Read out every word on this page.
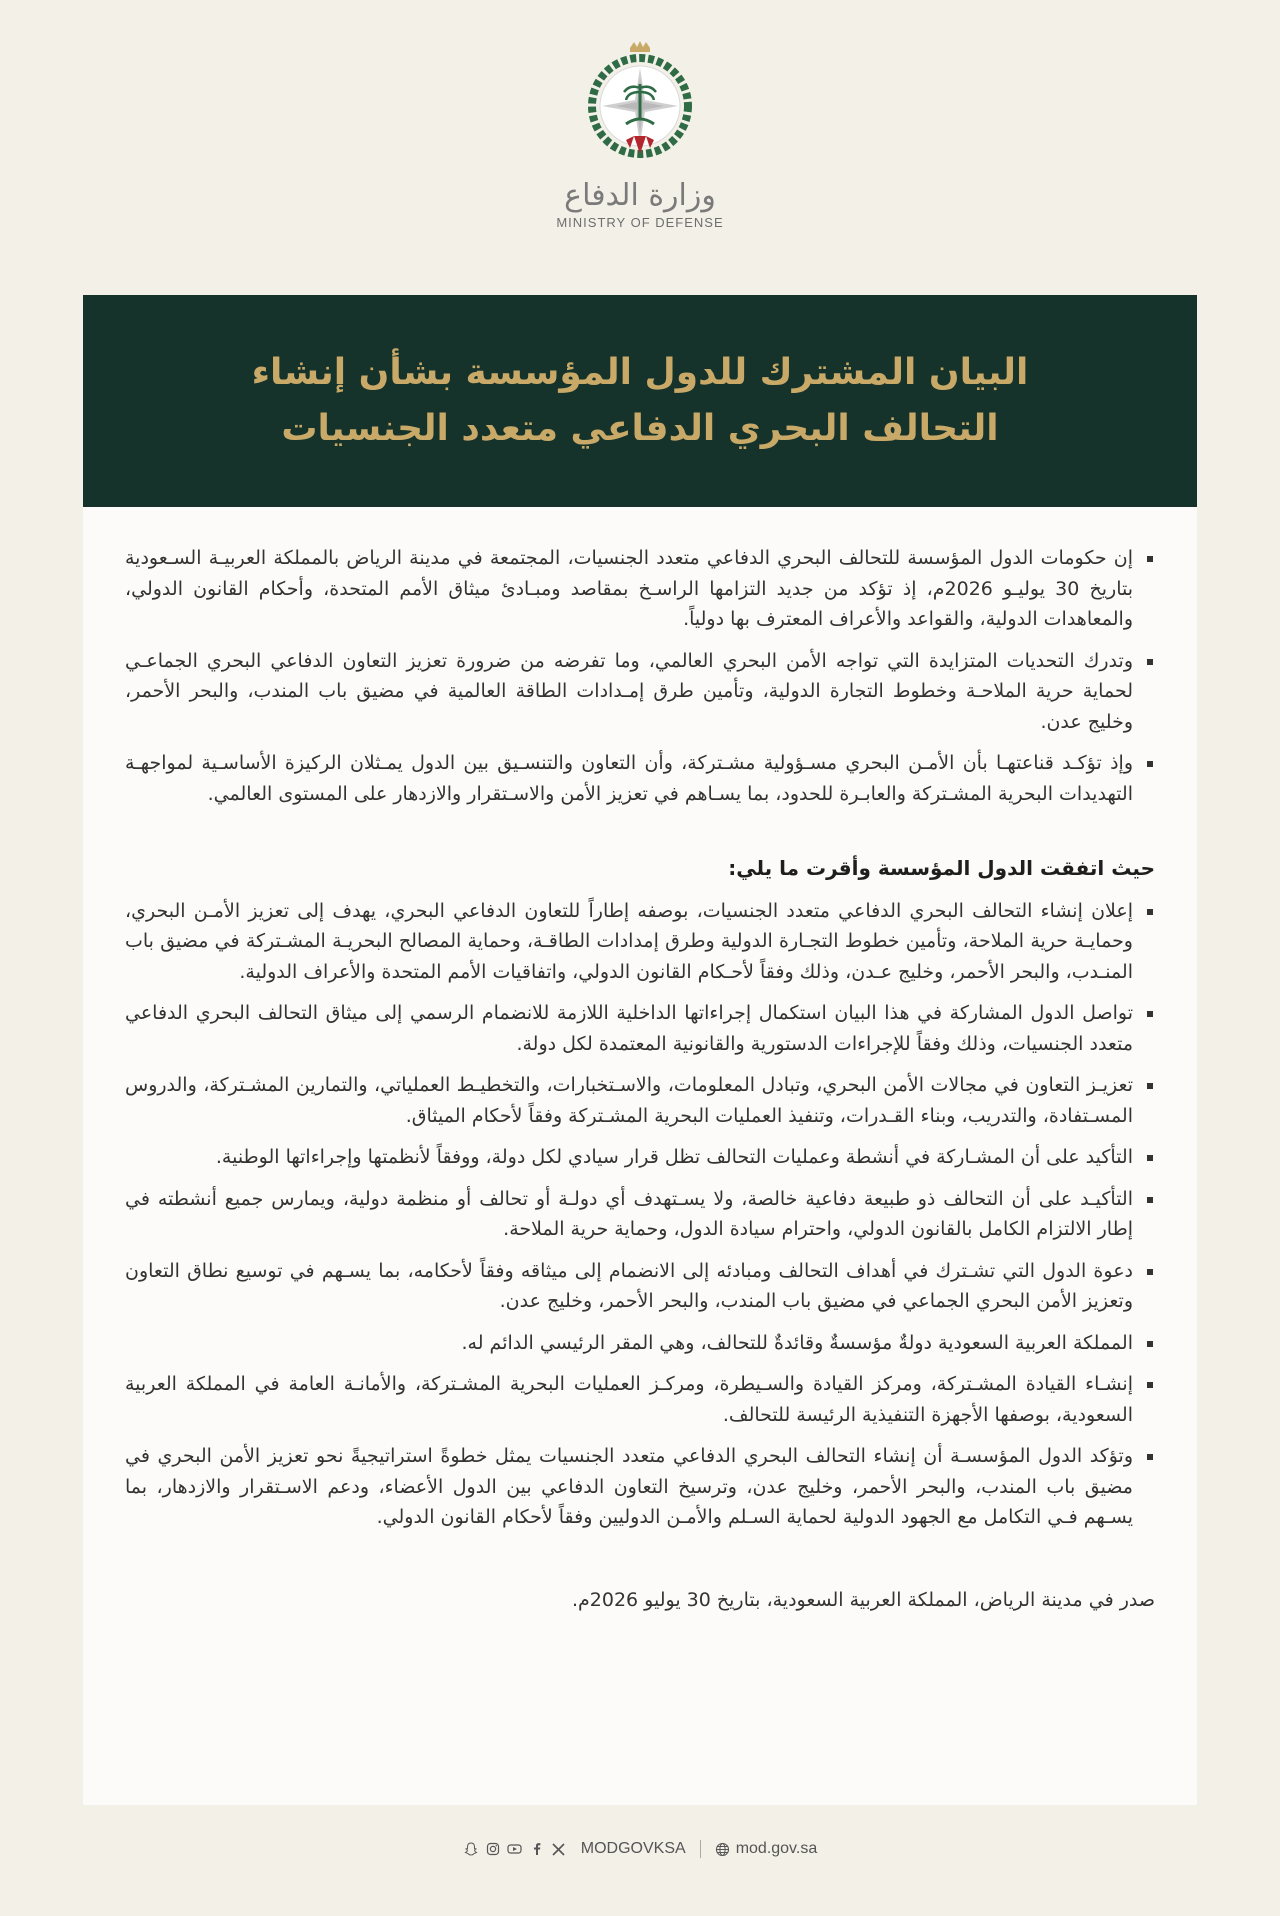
وزارة الدفاع
MINISTRY OF DEFENSE
البيان المشترك للدول المؤسسة بشأن إنشاء
التحالف البحري الدفاعي متعدد الجنسيات
إن حكومات الدول المؤسسة للتحالف البحري الدفاعي متعدد الجنسيات، المجتمعة في مدينة الرياض بالمملكة العربيـة السـعودية بتاريخ 30 يوليـو 2026م، إذ تؤكد من جديد التزامها الراسـخ بمقاصد ومبـادئ ميثاق الأمم المتحدة، وأحكام القانون الدولي، والمعاهدات الدولية، والقواعد والأعراف المعترف بها دولياً.
وتدرك التحديات المتزايدة التي تواجه الأمن البحري العالمي، وما تفرضه من ضرورة تعزيز التعاون الدفاعي البحري الجماعـي لحماية حرية الملاحـة وخطوط التجارة الدولية، وتأمين طرق إمـدادات الطاقة العالمية في مضيق باب المندب، والبحر الأحمر، وخليج عدن.
وإذ تؤكـد قناعتهـا بأن الأمـن البحري مسـؤولية مشـتركة، وأن التعاون والتنسـيق بين الدول يمـثلان الركيزة الأساسـية لمواجهـة التهديدات البحرية المشـتركة والعابـرة للحدود، بما يسـاهم في تعزيز الأمن والاسـتقرار والازدهار على المستوى العالمي.
حيث اتفقت الدول المؤسسة وأقرت ما يلي:
إعلان إنشاء التحالف البحري الدفاعي متعدد الجنسيات، بوصفه إطاراً للتعاون الدفاعي البحري، يهدف إلى تعزيز الأمـن البحري، وحمايـة حرية الملاحة، وتأمين خطوط التجـارة الدولية وطرق إمدادات الطاقـة، وحماية المصالح البحريـة المشـتركة في مضيق باب المنـدب، والبحر الأحمر، وخليج عـدن، وذلك وفقاً لأحـكام القانون الدولي، واتفاقيات الأمم المتحدة والأعراف الدولية.
تواصل الدول المشاركة في هذا البيان استكمال إجراءاتها الداخلية اللازمة للانضمام الرسمي إلى ميثاق التحالف البحري الدفاعي متعدد الجنسيات، وذلك وفقاً للإجراءات الدستورية والقانونية المعتمدة لكل دولة.
تعزيـز التعاون في مجالات الأمن البحري، وتبادل المعلومات، والاسـتخبارات، والتخطيـط العملياتي، والتمارين المشـتركة، والدروس المسـتفادة، والتدريب، وبناء القـدرات، وتنفيذ العمليات البحرية المشـتركة وفقاً لأحكام الميثاق.
التأكيد على أن المشـاركة في أنشطة وعمليات التحالف تظل قرار سيادي لكل دولة، ووفقاً لأنظمتها وإجراءاتها الوطنية.
التأكيـد على أن التحالف ذو طبيعة دفاعية خالصة، ولا يسـتهدف أي دولـة أو تحالف أو منظمة دولية، ويمارس جميع أنشطته في إطار الالتزام الكامل بالقانون الدولي، واحترام سيادة الدول، وحماية حرية الملاحة.
دعوة الدول التي تشـترك في أهداف التحالف ومبادئه إلى الانضمام إلى ميثاقه وفقاً لأحكامه، بما يسـهم في توسيع نطاق التعاون وتعزيز الأمن البحري الجماعي في مضيق باب المندب، والبحر الأحمر، وخليج عدن.
المملكة العربية السعودية دولةٌ مؤسسةٌ وقائدةٌ للتحالف، وهي المقر الرئيسي الدائم له.
إنشـاء القيادة المشـتركة، ومركز القيادة والسـيطرة، ومركـز العمليات البحرية المشـتركة، والأمانـة العامة في المملكة العربية السعودية، بوصفها الأجهزة التنفيذية الرئيسة للتحالف.
وتؤكد الدول المؤسسـة أن إنشاء التحالف البحري الدفاعي متعدد الجنسيات يمثل خطوةً استراتيجيةً نحو تعزيز الأمن البحري في مضيق باب المندب، والبحر الأحمر، وخليج عدن، وترسيخ التعاون الدفاعي بين الدول الأعضاء، ودعم الاسـتقرار والازدهار، بما يسـهم فـي التكامل مع الجهود الدولية لحماية السـلم والأمـن الدوليين وفقاً لأحكام القانون الدولي.
صدر في مدينة الرياض، المملكة العربية السعودية، بتاريخ 30 يوليو 2026م.
MODGOVKSA	mod.gov.sa
